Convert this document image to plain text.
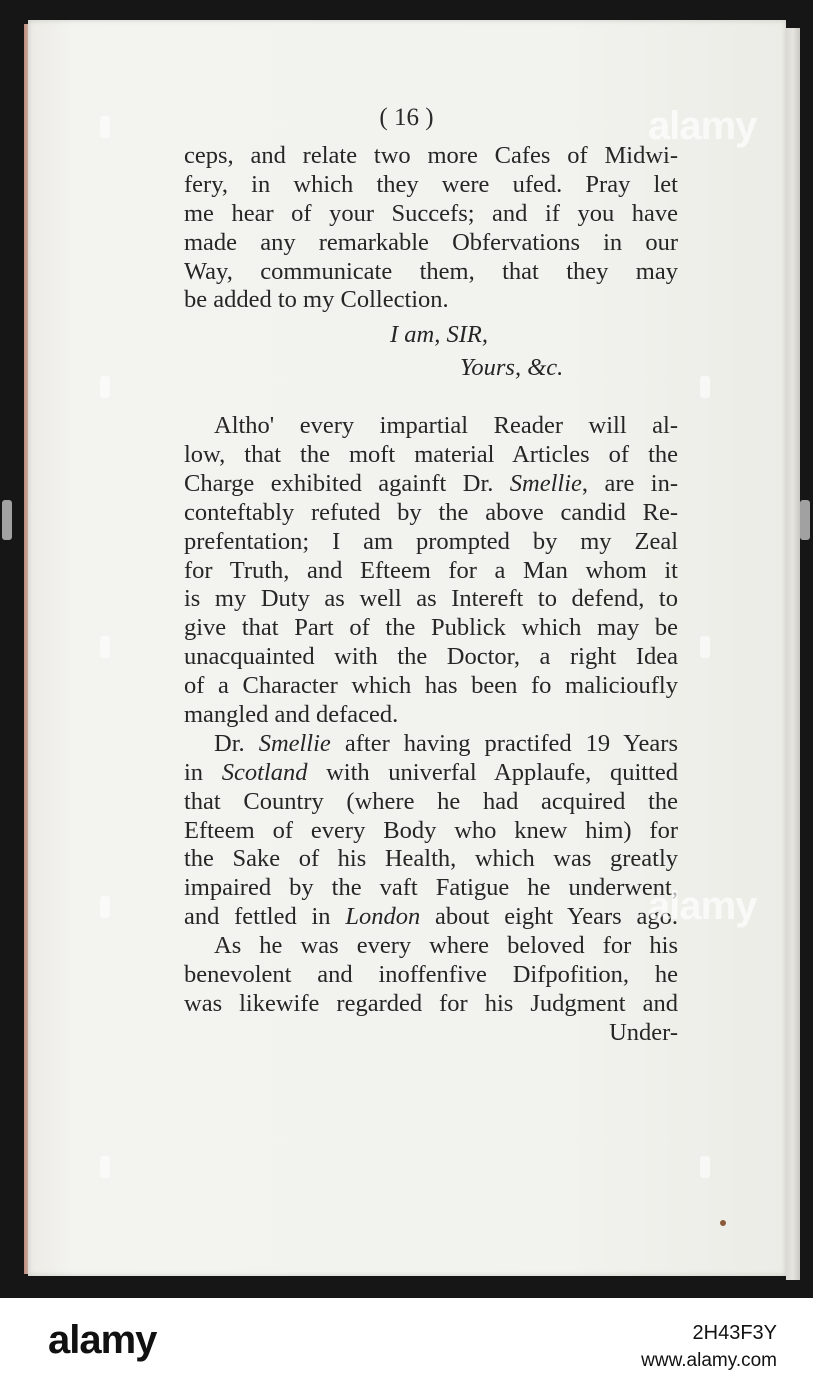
( 16 )
ceps, and relate two more Cafes of Midwi-
fery, in which they were ufed. Pray let
me hear of your Succefs; and if you have
made any remarkable Obfervations in our
Way, communicate them, that they may
be added to my Collection.
I am, SIR,
Yours, &c.
Altho' every impartial Reader will al-
low, that the moft material Articles of the
Charge exhibited againft Dr. Smellie, are in-
conteftably refuted by the above candid Re-
prefentation; I am prompted by my Zeal
for Truth, and Efteem for a Man whom it
is my Duty as well as Intereft to defend, to
give that Part of the Publick which may be
unacquainted with the Doctor, a right Idea
of a Character which has been fo malicioufly
mangled and defaced.
Dr. Smellie after having practifed 19 Years
in Scotland with univerfal Applaufe, quitted
that Country (where he had acquired the
Efteem of every Body who knew him) for
the Sake of his Health, which was greatly
impaired by the vaft Fatigue he underwent,
and fettled in London about eight Years ago.
As he was every where beloved for his
benevolent and inoffenfive Difpofition, he
was likewife regarded for his Judgment and
Under-
alamy
alamy
alamy	2H43F3Y
www.alamy.com
